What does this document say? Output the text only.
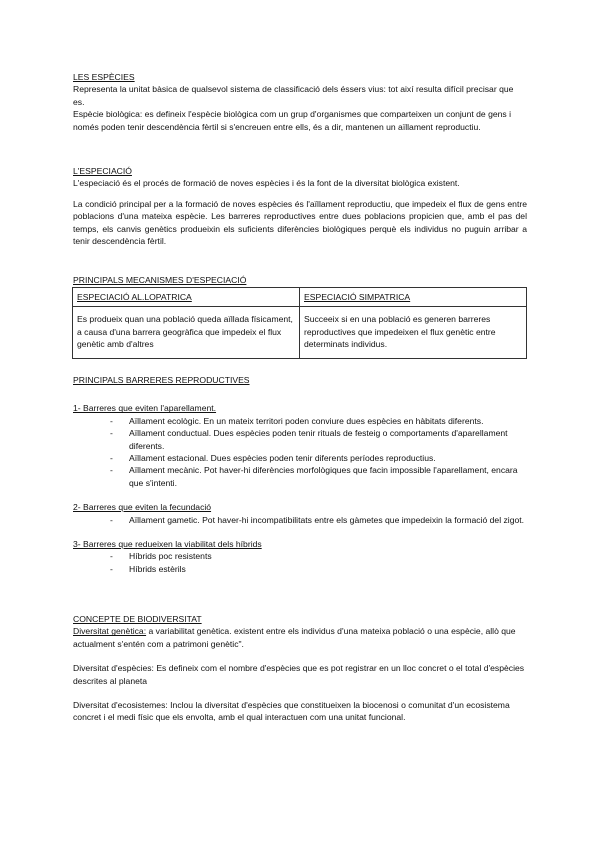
LES ESPÈCIES

Representa la unitat bàsica de qualsevol sistema de classificació dels éssers vius: tot així resulta difícil precisar que es.

Espècie biològica: es defineix l'espècie biològica com un grup d'organismes que comparteixen un conjunt de gens i només poden tenir descendència fèrtil si s'encreuen entre ells, és a dir, mantenen un aïllament reproductiu.

L'ESPECIACIÓ

L'especiació és el procés de formació de noves espècies i és la font de la diversitat biològica existent.

La condició principal per a la formació de noves espècies és l'aïllament reproductiu, que impedeix el flux de gens entre poblacions d'una mateixa espècie. Les barreres reproductives entre dues poblacions propicien que, amb el pas del temps, els canvis genètics produeixin els suficients diferències biològiques perquè els individus no puguin arribar a tenir descendència fèrtil.

PRINCIPALS MECANISMES D'ESPECIACIÓ
ESPECIACIÓ AL.LOPATRICA	ESPECIACIÓ SIMPATRICA
Es produeix quan una població queda aïllada físicament, a causa d'una barrera geogràfica que impedeix el flux genètic amb d'altres	Succeeix si en una població es generen barreres reproductives que impedeixen el flux genètic entre determinats individus.
PRINCIPALS BARRERES REPRODUCTIVES
1- Barreres que eviten l'aparellament.
- Aïllament ecològic. En un mateix territori poden conviure dues espècies en hàbitats diferents.
- Aïllament conductual. Dues espècies poden tenir rituals de festeig o comportaments d'aparellament diferents.
- Aïllament estacional. Dues espècies poden tenir diferents períodes reproductius.
- Aïllament mecànic. Pot haver-hi diferències morfològiques que facin impossible l'aparellament, encara que s'intenti.
2- Barreres que eviten la fecundació
- Aïllament gametic. Pot haver-hi incompatibilitats entre els gàmetes que impedeixin la formació del zigot.
3- Barreres que redueixen la viabilitat dels híbrids
- Híbrids poc resistents
- Híbrids estèrils
CONCEPTE DE BIODIVERSITAT

Diversitat genètica: a variabilitat genètica. existent entre els individus d'una mateixa població o una espècie, allò que actualment s'entén com a patrimoni genètic".

Diversitat d'espècies: Es defineix com el nombre d'espècies que es pot registrar en un lloc concret o el total d'espècies descrites al planeta

Diversitat d'ecosistemes: Inclou la diversitat d'espècies que constitueixen la biocenosi o comunitat d'un ecosistema concret i el medi físic que els envolta, amb el qual interactuen com una unitat funcional.
